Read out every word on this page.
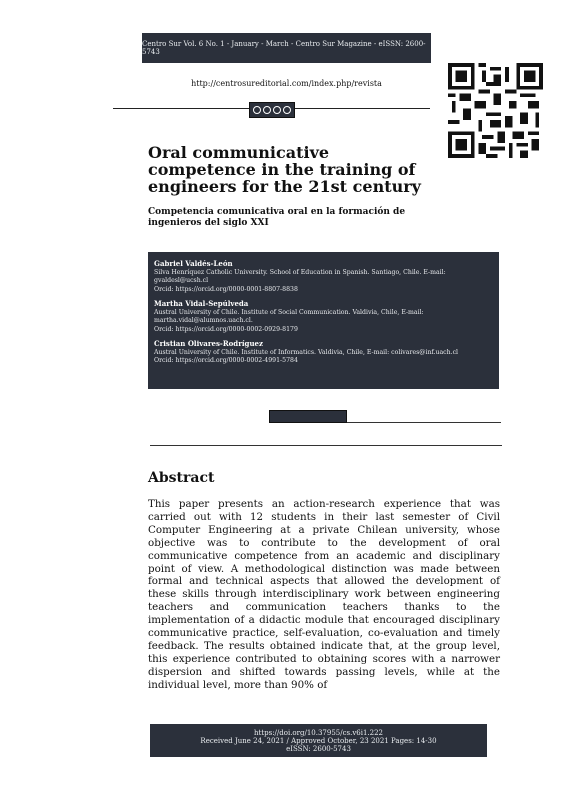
Centro Sur Vol. 6 No. 1 - January - March - Centro Sur Magazine - eISSN: 2600-5743
http://centrosureditorial.com/index.php/revista
Oral communicative competence in the training of engineers for the 21st century
Competencia comunicativa oral en la formación de ingenieros del siglo XXI
Gabriel Valdés-León
Silva Henríquez Catholic University. School of Education in Spanish. Santiago, Chile. E-mail: gvaldesl@ucsh.cl
Orcid: https://orcid.org/0000-0001-8807-8838
Martha Vidal-Sepúlveda
Austral University of Chile. Institute of Social Communication. Valdivia, Chile, E-mail: martha.vidal@alumnos.uach.cl.
Orcid: https://orcid.org/0000-0002-0929-8179
Cristian Olivares-Rodríguez
Austral University of Chile. Institute of Informatics. Valdivia, Chile, E-mail: colivares@inf.uach.cl
Orcid: https://orcid.org/0000-0002-4991-5784
Abstract
This paper presents an action-research experience that was carried out with 12 students in their last semester of Civil Computer Engineering at a private Chilean university, whose objective was to contribute to the development of oral communicative competence from an academic and disciplinary point of view. A methodological distinction was made between formal and technical aspects that allowed the development of these skills through interdisciplinary work between engineering teachers and communication teachers thanks to the implementation of a didactic module that encouraged disciplinary communicative practice, self-evaluation, co-evaluation and timely feedback. The results obtained indicate that, at the group level, this experience contributed to obtaining scores with a narrower dispersion and shifted towards passing levels, while at the individual level, more than 90% of
https://doi.org/10.37955/cs.v6i1.222
Received June 24, 2021 / Approved October, 23 2021 Pages: 14-30
eISSN: 2600-5743
